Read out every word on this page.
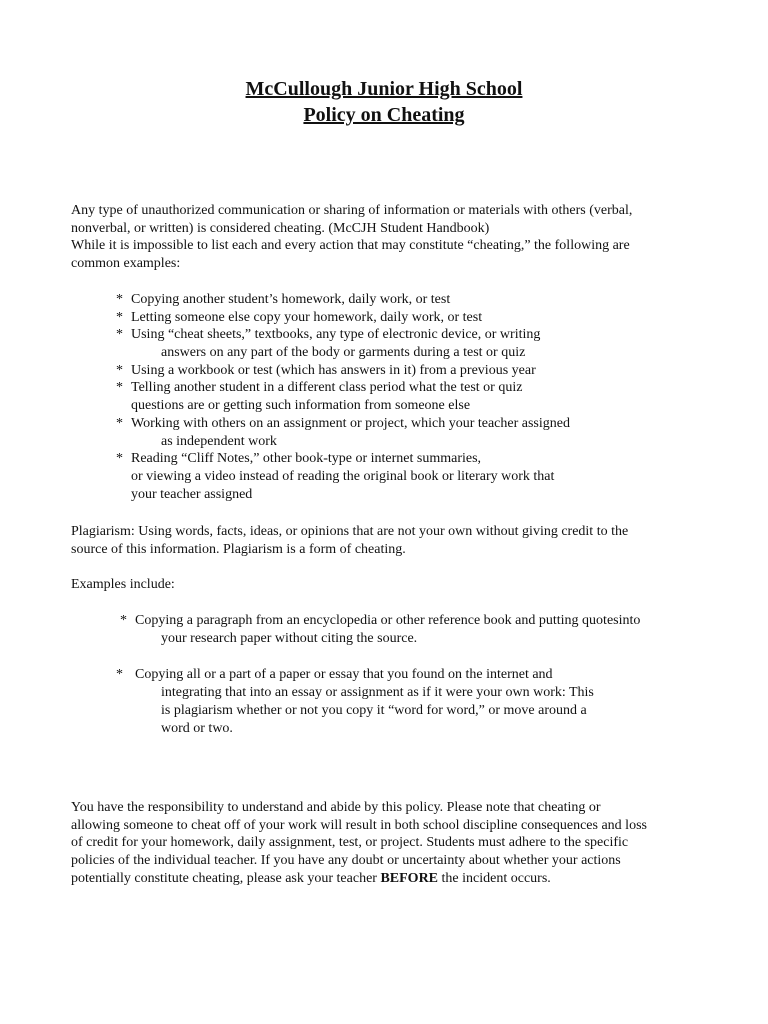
McCullough Junior High School
Policy on Cheating
Any type of unauthorized communication or sharing of information or materials with others (verbal,
nonverbal, or written) is considered cheating. (McCJH Student Handbook)
While it is impossible to list each and every action that may constitute “cheating,” the following are
common examples:
* Copying another student’s homework, daily work, or test
* Letting someone else copy your homework, daily work, or test
* Using “cheat sheets,” textbooks, any type of electronic device, or writing
answers on any part of the body or garments during a test or quiz
* Using a workbook or test (which has answers in it) from a previous year
* Telling another student in a different class period what the test or quiz
questions are or getting such information from someone else
* Working with others on an assignment or project, which your teacher assigned
as independent work
* Reading “Cliff Notes,” other book-type or internet summaries,
or viewing a video instead of reading the original book or literary work that
your teacher assigned
Plagiarism: Using words, facts, ideas, or opinions that are not your own without giving credit to the
source of this information. Plagiarism is a form of cheating.
Examples include:
* Copying a paragraph from an encyclopedia or other reference book and putting quotesinto
your research paper without citing the source.
* Copying all or a part of a paper or essay that you found on the internet and
integrating that into an essay or assignment as if it were your own work: This
is plagiarism whether or not you copy it “word for word,” or move around a
word or two.
You have the responsibility to understand and abide by this policy. Please note that cheating or
allowing someone to cheat off of your work will result in both school discipline consequences and loss
of credit for your homework, daily assignment, test, or project. Students must adhere to the specific
policies of the individual teacher. If you have any doubt or uncertainty about whether your actions
potentially constitute cheating, please ask your teacher BEFORE the incident occurs.
